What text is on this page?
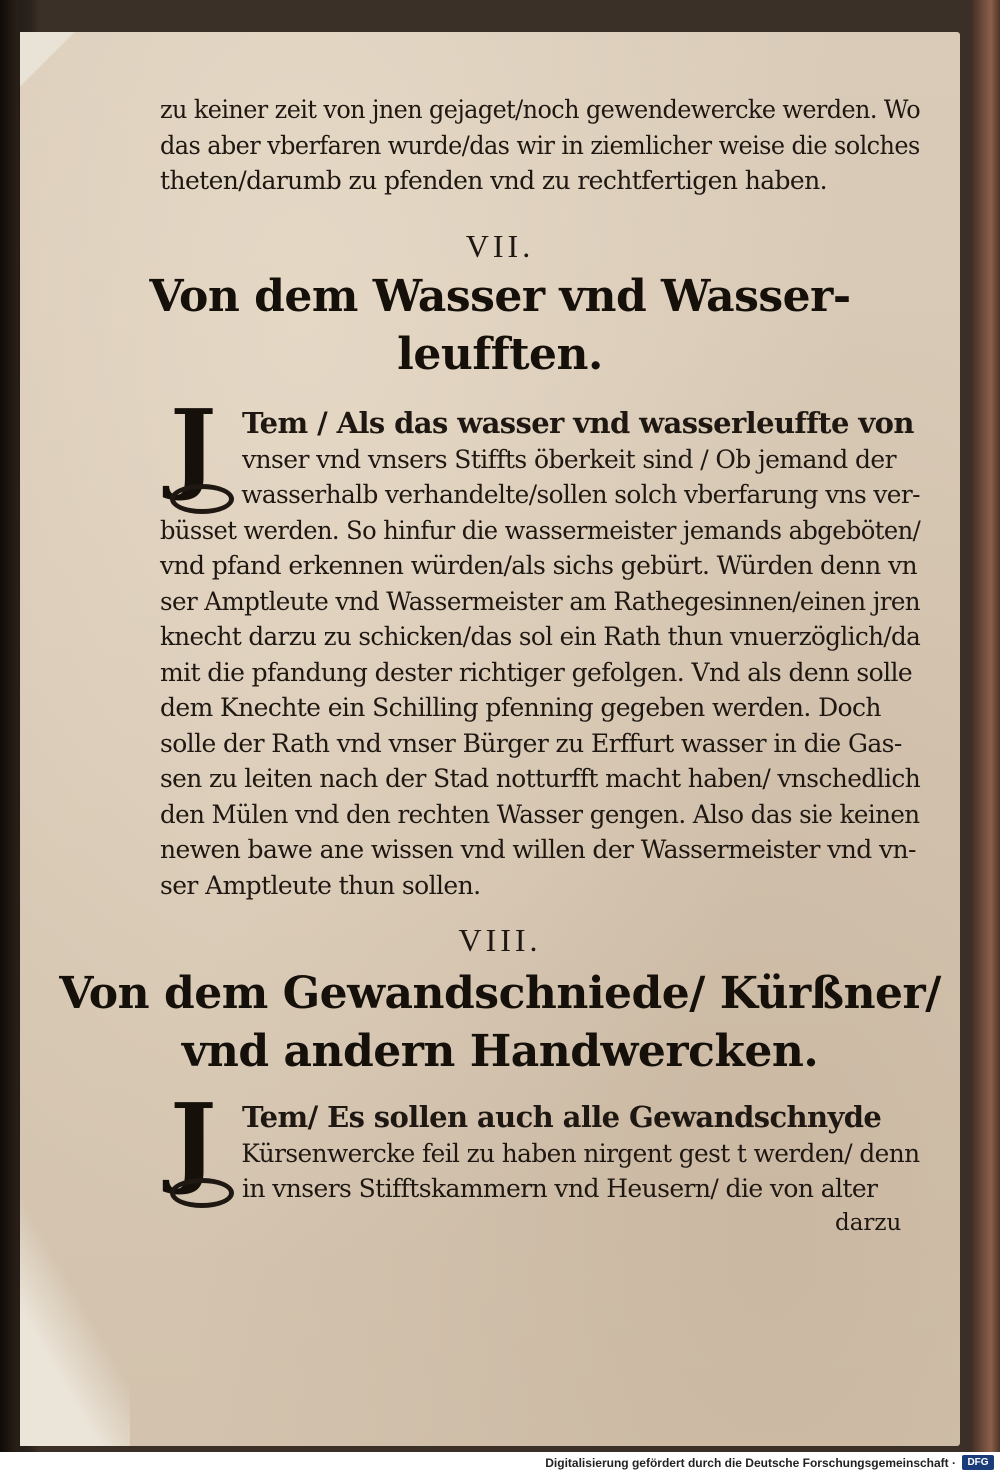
zu keiner zeit von jnen gejaget/noch gewendewercke werden. Wo
das aber vberfaren wurde/das wir in ziemlicher weise die solches
theten/darumb zu pfenden vnd zu rechtfertigen haben.
VII.
Von dem Wasser vnd Wasser-
leufften.
J Tem / Als das wasser vnd wasserleuffte von
vnser vnd vnsers Stiffts öberkeit sind / Ob jemand der
wasserhalb verhandelte/sollen solch vberfarung vns ver-
büsset werden. So hinfur die wassermeister jemands abgeböten/
vnd pfand erkennen würden/als sichs gebürt. Würden denn vn
ser Amptleute vnd Wassermeister am Rathegesinnen/einen jren
knecht darzu zu schicken/das sol ein Rath thun vnuerzöglich/da
mit die pfandung dester richtiger gefolgen. Vnd als denn solle
dem Knechte ein Schilling pfenning gegeben werden. Doch
solle der Rath vnd vnser Bürger zu Erffurt wasser in die Gas-
sen zu leiten nach der Stad notturfft macht haben/ vnschedlich
den Mülen vnd den rechten Wasser gengen. Also das sie keinen
newen bawe ane wissen vnd willen der Wassermeister vnd vn-
ser Amptleute thun sollen.
VIII.
Von dem Gewandschniede/ Kürßner/
vnd andern Handwercken.
J Tem/ Es sollen auch alle Gewandschnyde
Kürsenwercke feil zu haben nirgent gest t werden/ denn
in vnsers Stifftskammern vnd Heusern/ die von alter
darzu
Digitalisierung gefördert durch die Deutsche Forschungsgemeinschaft ·	DFG
